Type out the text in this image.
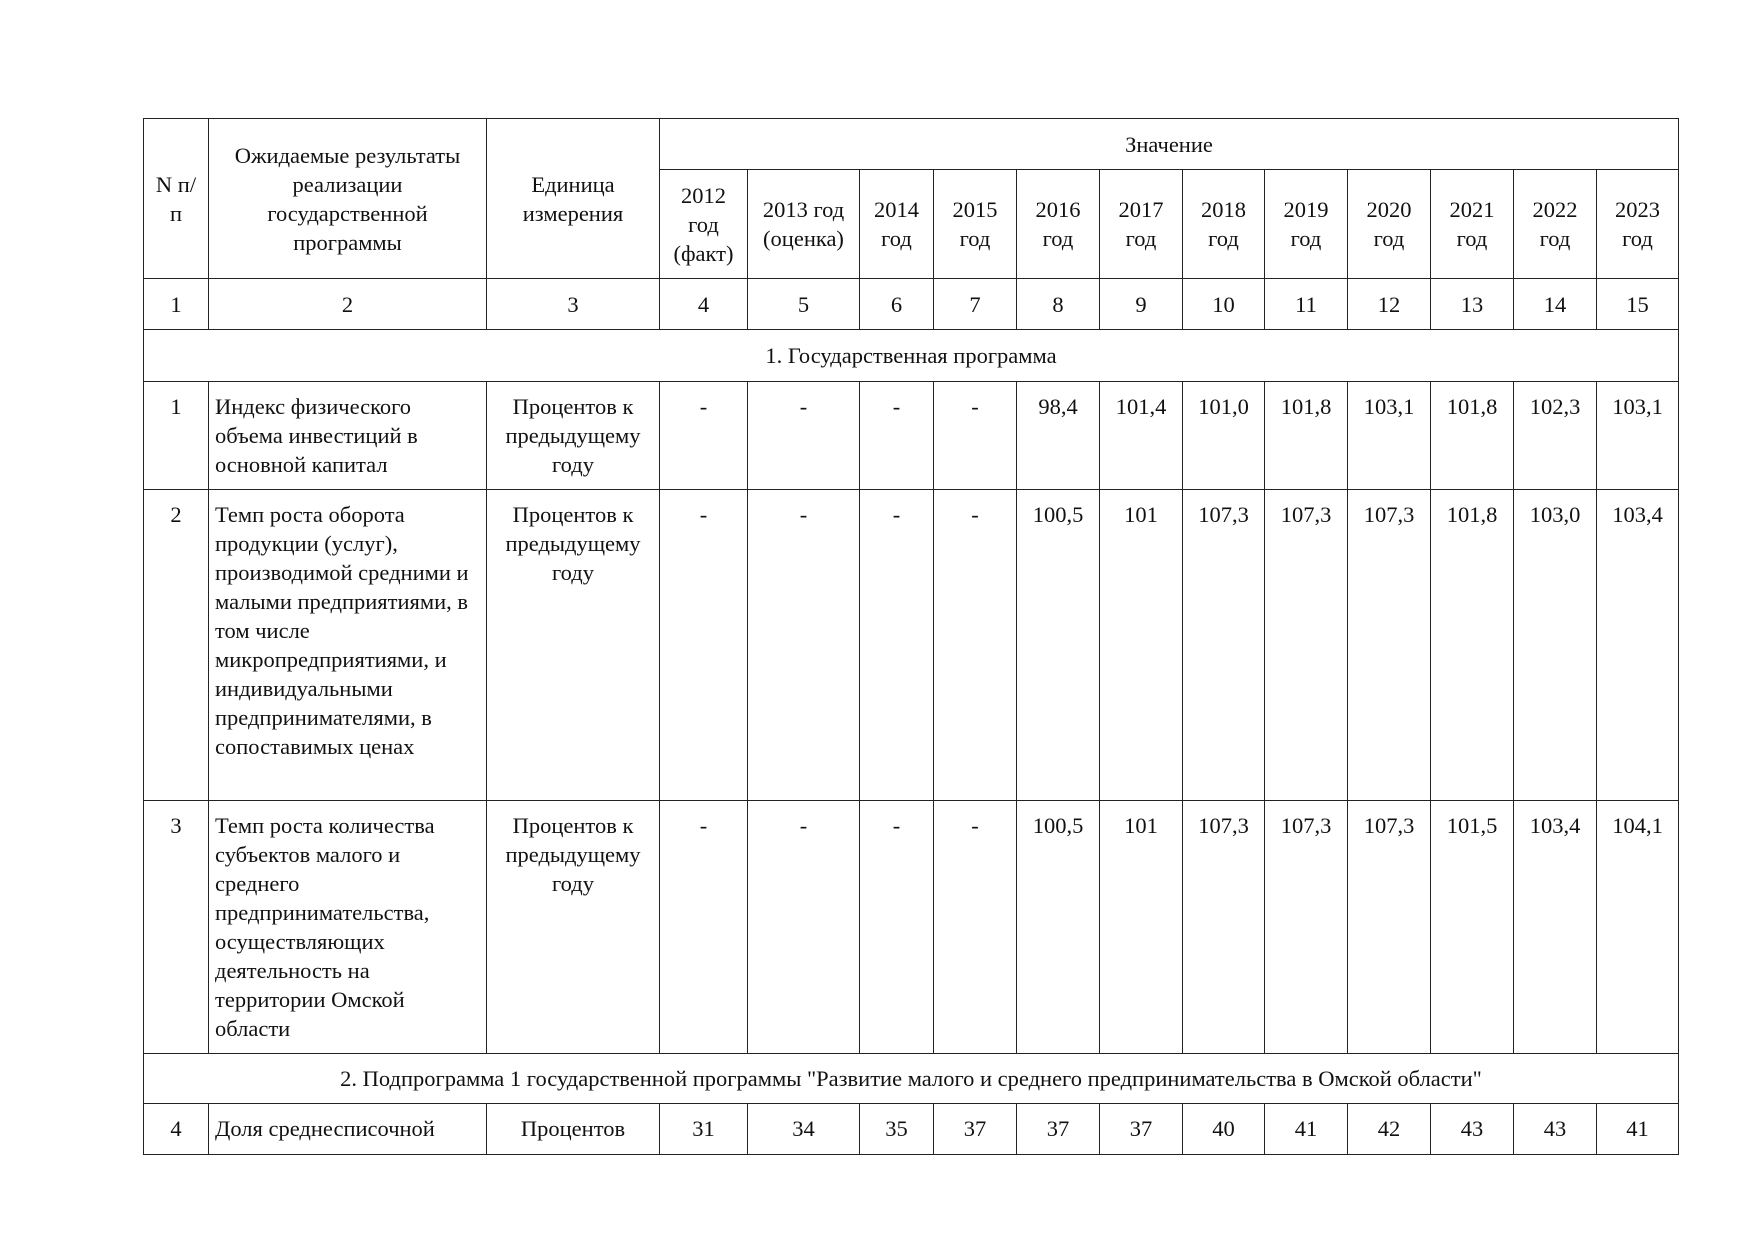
N п/п	Ожидаемые результаты реализации государственной программы	Единица измерения	Значение											
			2012 год (факт)	2013 год (оценка)	2014 год	2015 год	2016 год	2017 год	2018 год	2019 год	2020 год	2021 год	2022 год	2023 год
1	2	3	4	5	6	7	8	9	10	11	12	13	14	15
1. Государственная программа														
1	Индекс физического объема инвестиций в основной капитал	Процентов к предыдущему году	-	-	-	-	98,4	101,4	101,0	101,8	103,1	101,8	102,3	103,1
2	Темп роста оборота продукции (услуг), производимой средними и малыми предприятиями, в том числе микропредприятиями, и индивидуальными предпринимателями, в сопоставимых ценах	Процентов к предыдущему году	-	-	-	-	100,5	101	107,3	107,3	107,3	101,8	103,0	103,4
3	Темп роста количества субъектов малого и среднего предпринимательства, осуществляющих деятельность на территории Омской области	Процентов к предыдущему году	-	-	-	-	100,5	101	107,3	107,3	107,3	101,5	103,4	104,1
2. Подпрограмма 1 государственной программы "Развитие малого и среднего предпринимательства в Омской области"														
4	Доля среднесписочной	Процентов	31	34	35	37	37	37	40	41	42	43	43	41
